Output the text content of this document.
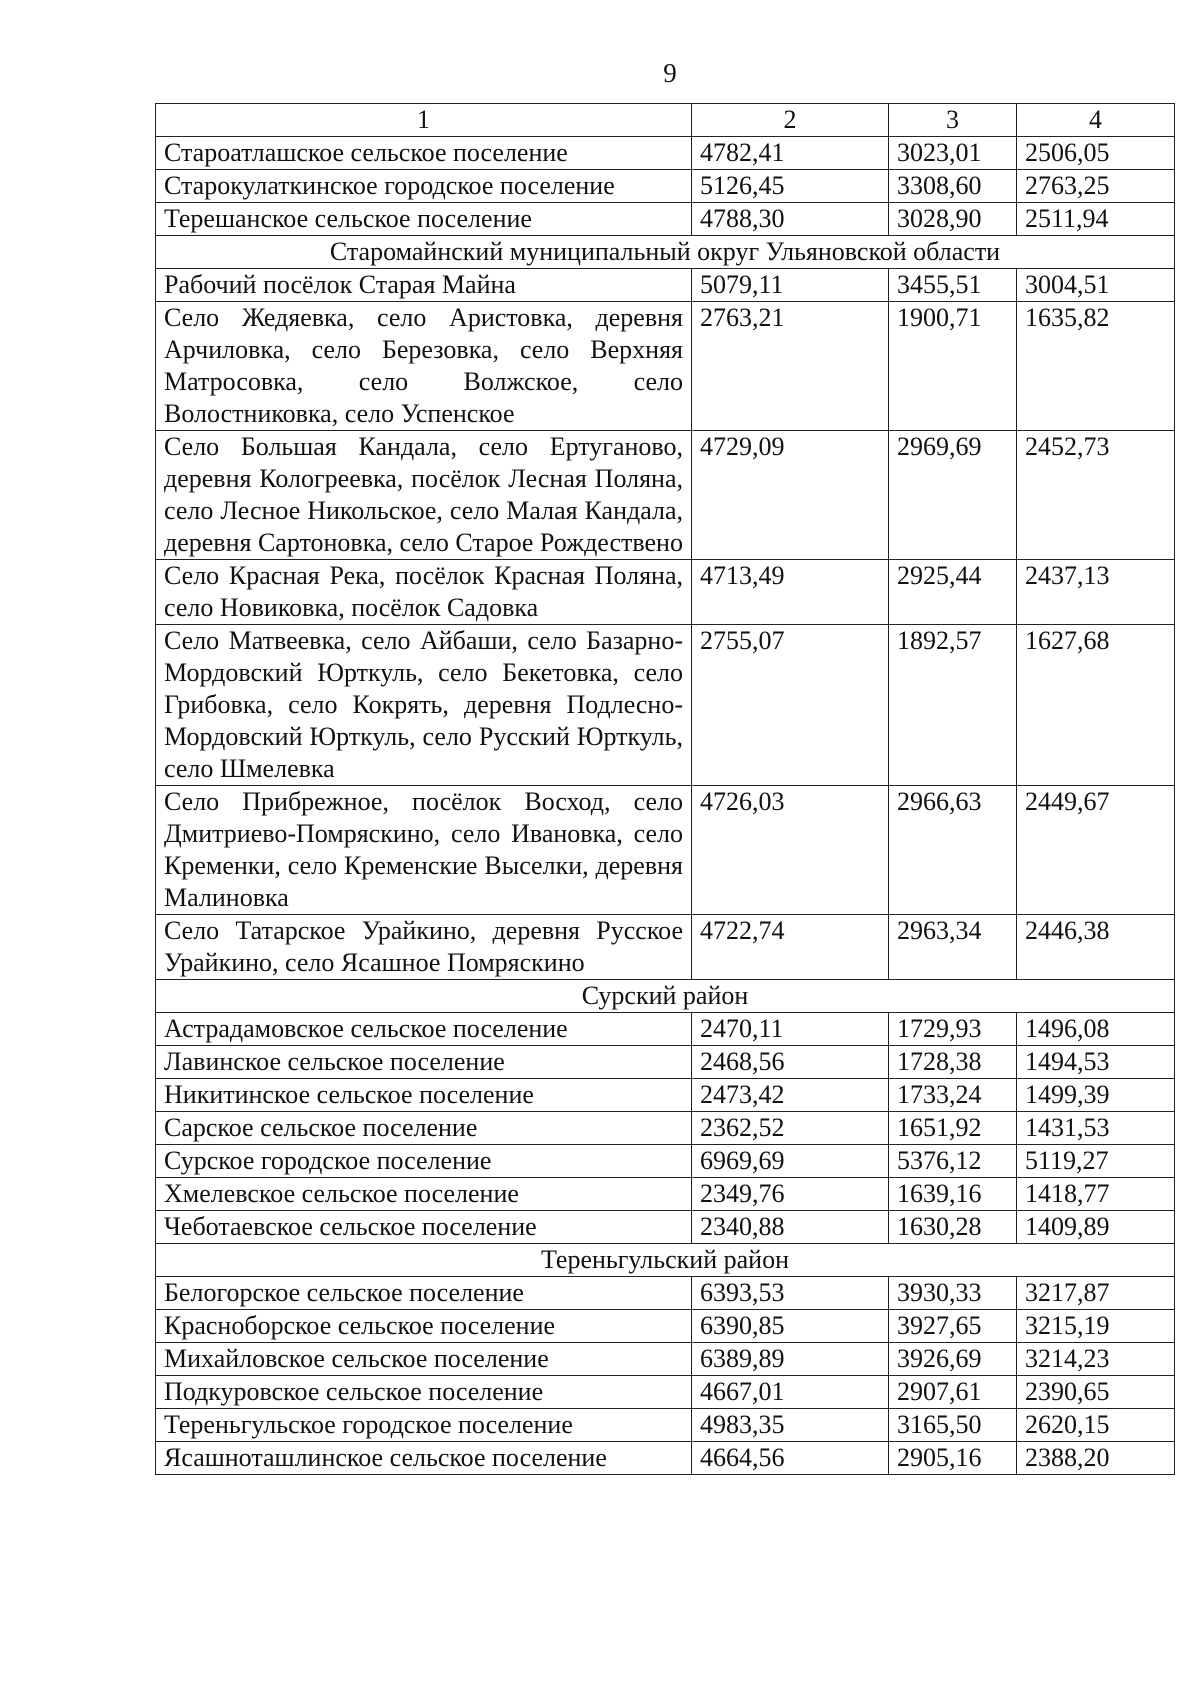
9
1	2	3	4
Староатлашское сельское поселение	4782,41	3023,01	2506,05
Старокулаткинское городское поселение	5126,45	3308,60	2763,25
Терешанское сельское поселение	4788,30	3028,90	2511,94
Старомайнский муниципальный округ Ульяновской области			
Рабочий посёлок Старая Майна	5079,11	3455,51	3004,51
Село Жедяевка, село Аристовка, деревня Арчиловка, село Березовка, село Верхняя Матросовка, село Волжское, село Волостниковка, село Успенское	2763,21	1900,71	1635,82
Село Большая Кандала, село Ертуганово, деревня Кологреевка, посёлок Лесная Поляна, село Лесное Никольское, село Малая Кандала, деревня Сартоновка, село Старое Рождествено	4729,09	2969,69	2452,73
Село Красная Река, посёлок Красная Поляна, село Новиковка, посёлок Садовка	4713,49	2925,44	2437,13
Село Матвеевка, село Айбаши, село Базарно-Мордовский Юрткуль, село Бекетовка, село Грибовка, село Кокрять, деревня Подлесно-Мордовский Юрткуль, село Русский Юрткуль, село Шмелевка	2755,07	1892,57	1627,68
Село Прибрежное, посёлок Восход, село Дмитриево-Помряскино, село Ивановка, село Кременки, село Кременские Выселки, деревня Малиновка	4726,03	2966,63	2449,67
Село Татарское Урайкино, деревня Русское Урайкино, село Ясашное Помряскино	4722,74	2963,34	2446,38
Сурский район			
Астрадамовское сельское поселение	2470,11	1729,93	1496,08
Лавинское сельское поселение	2468,56	1728,38	1494,53
Никитинское сельское поселение	2473,42	1733,24	1499,39
Сарское сельское поселение	2362,52	1651,92	1431,53
Сурское городское поселение	6969,69	5376,12	5119,27
Хмелевское сельское поселение	2349,76	1639,16	1418,77
Чеботаевское сельское поселение	2340,88	1630,28	1409,89
Тереньгульский район			
Белогорское сельское поселение	6393,53	3930,33	3217,87
Красноборское сельское поселение	6390,85	3927,65	3215,19
Михайловское сельское поселение	6389,89	3926,69	3214,23
Подкуровское сельское поселение	4667,01	2907,61	2390,65
Тереньгульское городское поселение	4983,35	3165,50	2620,15
Ясашноташлинское сельское поселение	4664,56	2905,16	2388,20
